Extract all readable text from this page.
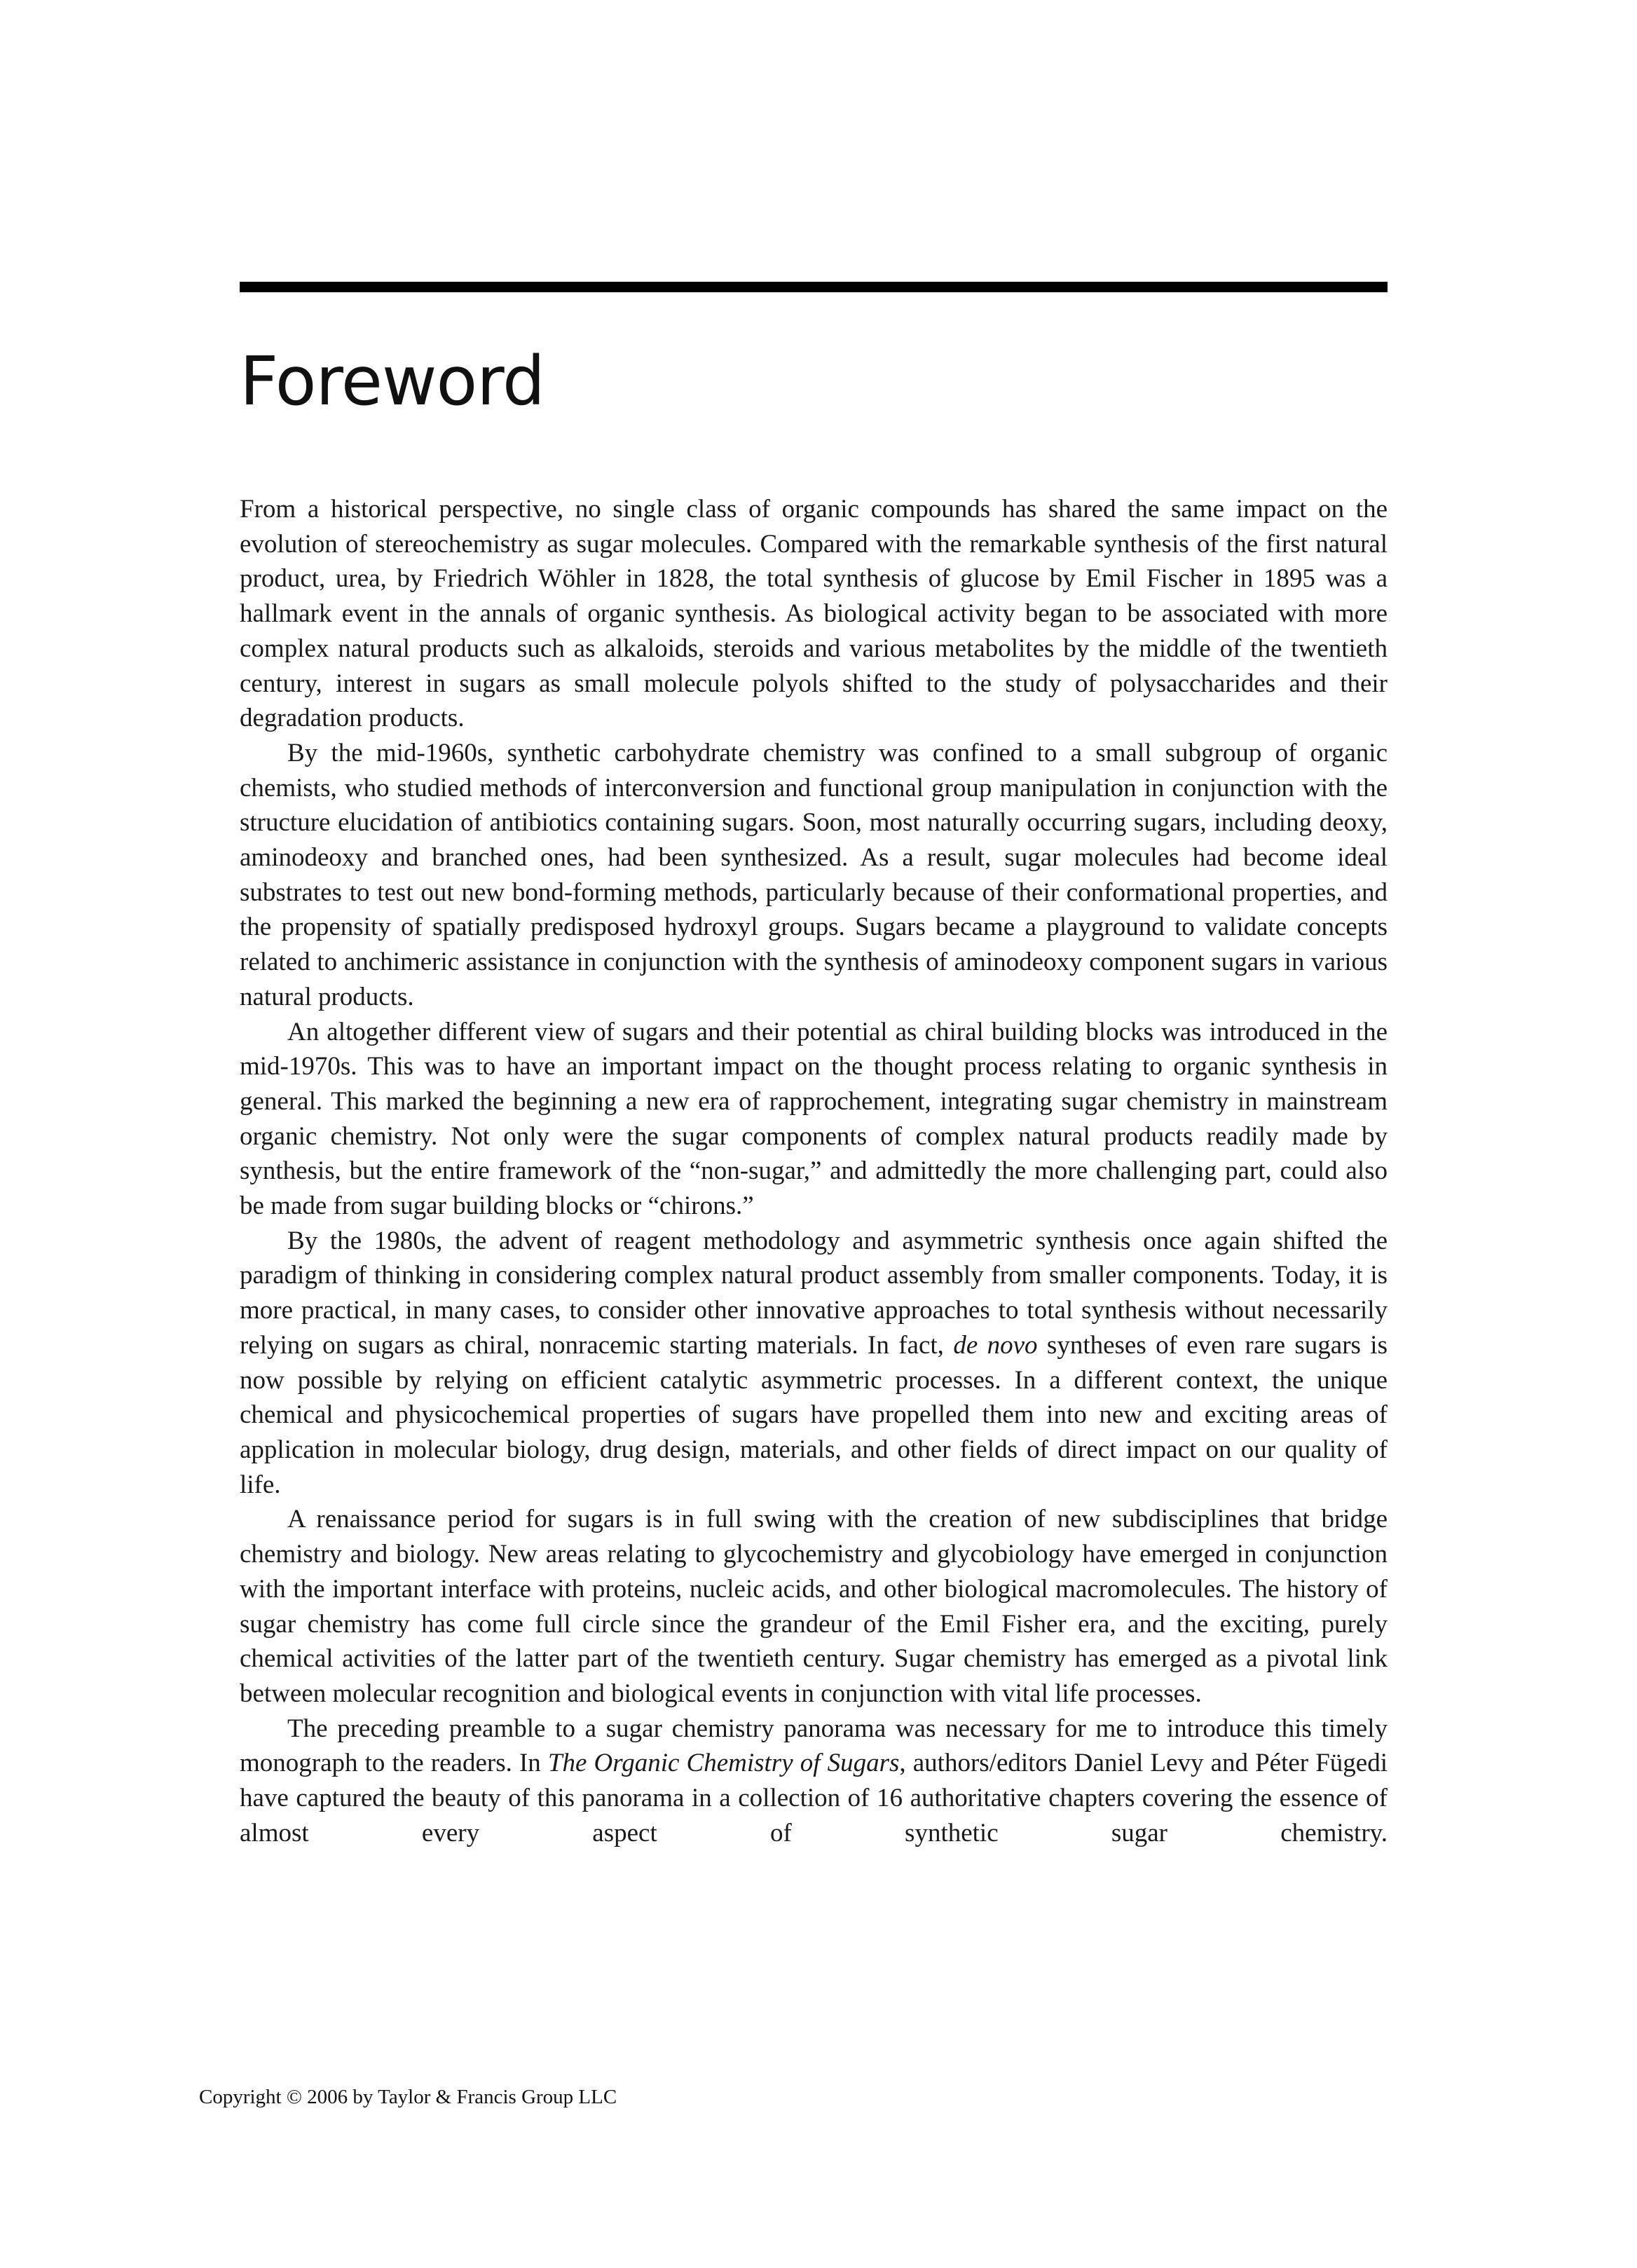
Foreword

From a historical perspective, no single class of organic compounds has shared the same impact on the evolution of stereochemistry as sugar molecules. Compared with the remarkable synthesis of the first natural product, urea, by Friedrich Wöhler in 1828, the total synthesis of glucose by Emil Fischer in 1895 was a hallmark event in the annals of organic synthesis. As biological activity began to be associated with more complex natural products such as alkaloids, steroids and various metabolites by the middle of the twentieth century, interest in sugars as small molecule polyols shifted to the study of polysaccharides and their degradation products.

By the mid-1960s, synthetic carbohydrate chemistry was confined to a small subgroup of organic chemists, who studied methods of interconversion and functional group manipulation in conjunction with the structure elucidation of antibiotics containing sugars. Soon, most naturally occurring sugars, including deoxy, aminodeoxy and branched ones, had been synthesized. As a result, sugar molecules had become ideal substrates to test out new bond-forming methods, particularly because of their conformational properties, and the propensity of spatially predisposed hydroxyl groups. Sugars became a playground to validate concepts related to anchimeric assistance in conjunction with the synthesis of aminodeoxy component sugars in various natural products.

An altogether different view of sugars and their potential as chiral building blocks was introduced in the mid-1970s. This was to have an important impact on the thought process relating to organic synthesis in general. This marked the beginning a new era of rapprochement, integrating sugar chemistry in mainstream organic chemistry. Not only were the sugar components of complex natural products readily made by synthesis, but the entire framework of the “non-sugar,” and admittedly the more challenging part, could also be made from sugar building blocks or “chirons.”

By the 1980s, the advent of reagent methodology and asymmetric synthesis once again shifted the paradigm of thinking in considering complex natural product assembly from smaller components. Today, it is more practical, in many cases, to consider other innovative approaches to total synthesis without necessarily relying on sugars as chiral, nonracemic starting materials. In fact, de novo syntheses of even rare sugars is now possible by relying on efficient catalytic asymmetric processes. In a different context, the unique chemical and physicochemical properties of sugars have propelled them into new and exciting areas of application in molecular biology, drug design, materials, and other fields of direct impact on our quality of life.

A renaissance period for sugars is in full swing with the creation of new subdisciplines that bridge chemistry and biology. New areas relating to glycochemistry and glycobiology have emerged in conjunction with the important interface with proteins, nucleic acids, and other biological macromolecules. The history of sugar chemistry has come full circle since the grandeur of the Emil Fisher era, and the exciting, purely chemical activities of the latter part of the twentieth century. Sugar chemistry has emerged as a pivotal link between molecular recognition and biological events in conjunction with vital life processes.

The preceding preamble to a sugar chemistry panorama was necessary for me to introduce this timely monograph to the readers. In The Organic Chemistry of Sugars, authors/editors Daniel Levy and Péter Fügedi have captured the beauty of this panorama in a collection of 16 authoritative chapters covering the essence of almost every aspect of synthetic sugar chemistry.

Copyright © 2006 by Taylor & Francis Group LLC
